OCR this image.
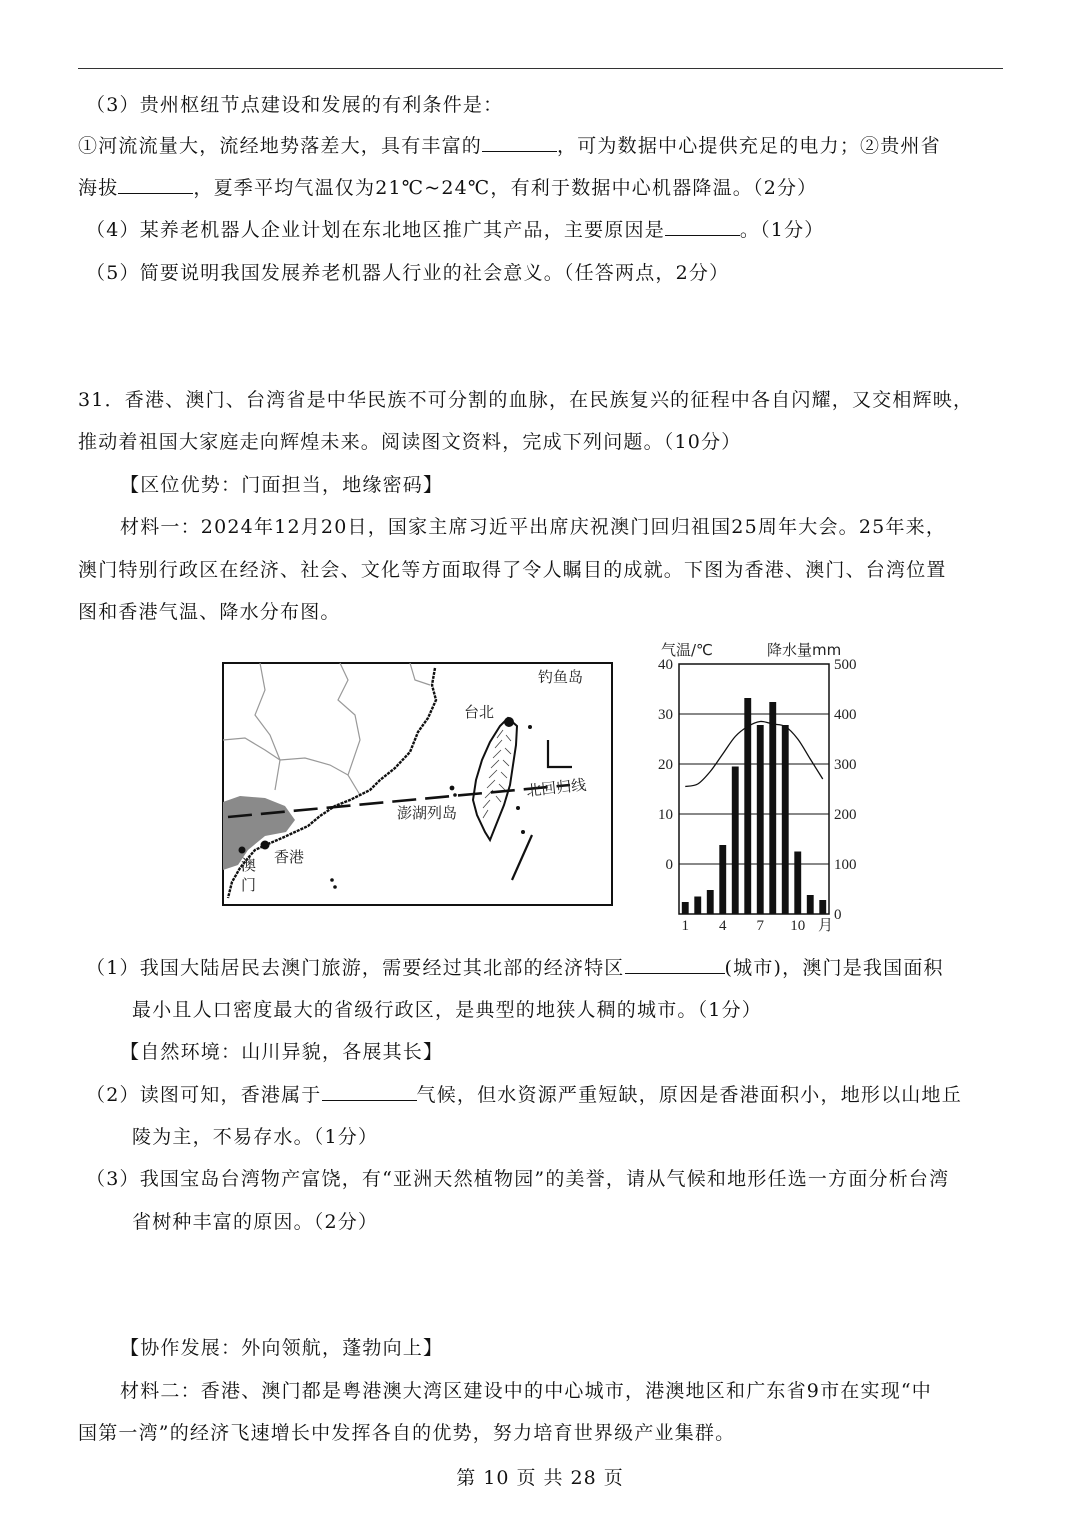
（3）贵州枢纽节点建设和发展的有利条件是：
①河流流量大，流经地势落差大，具有丰富的	，可为数据中心提供充足的电力；②贵州省
海拔	，夏季平均气温仅为21℃~24℃，有利于数据中心机器降温。（2分）
（4）某养老机器人企业计划在东北地区推广其产品，主要原因是	。（1分）
（5）简要说明我国发展养老机器人行业的社会意义。（任答两点，2分）
31．香港、澳门、台湾省是中华民族不可分割的血脉，在民族复兴的征程中各自闪耀，又交相辉映，
推动着祖国大家庭走向辉煌未来。阅读图文资料，完成下列问题。（10分）
【区位优势：门面担当，地缘密码】
材料一：2024年12月20日，国家主席习近平出席庆祝澳门回归祖国25周年大会。25年来，
澳门特别行政区在经济、社会、文化等方面取得了令人瞩目的成就。下图为香港、澳门、台湾位置
图和香港气温、降水分布图。
台北
钓鱼岛
北回归线
澎湖列岛
香港
澳
门
气温/℃	降水量mm
40
30
20
10
0
500
400
300
200
100
0
1 4 7 10 月
（1）我国大陆居民去澳门旅游，需要经过其北部的经济特区	(城市)，澳门是我国面积
最小且人口密度最大的省级行政区，是典型的地狭人稠的城市。（1分）
【自然环境：山川异貌，各展其长】
（2）读图可知，香港属于	气候，但水资源严重短缺，原因是香港面积小，地形以山地丘
陵为主，不易存水。（1分）
（3）我国宝岛台湾物产富饶，有“亚洲天然植物园”的美誉，请从气候和地形任选一方面分析台湾
省树种丰富的原因。（2分）
【协作发展：外向领航，蓬勃向上】
材料二：香港、澳门都是粤港澳大湾区建设中的中心城市，港澳地区和广东省9市在实现“中
国第一湾”的经济飞速增长中发挥各自的优势，努力培育世界级产业集群。
第 10 页 共 28 页
